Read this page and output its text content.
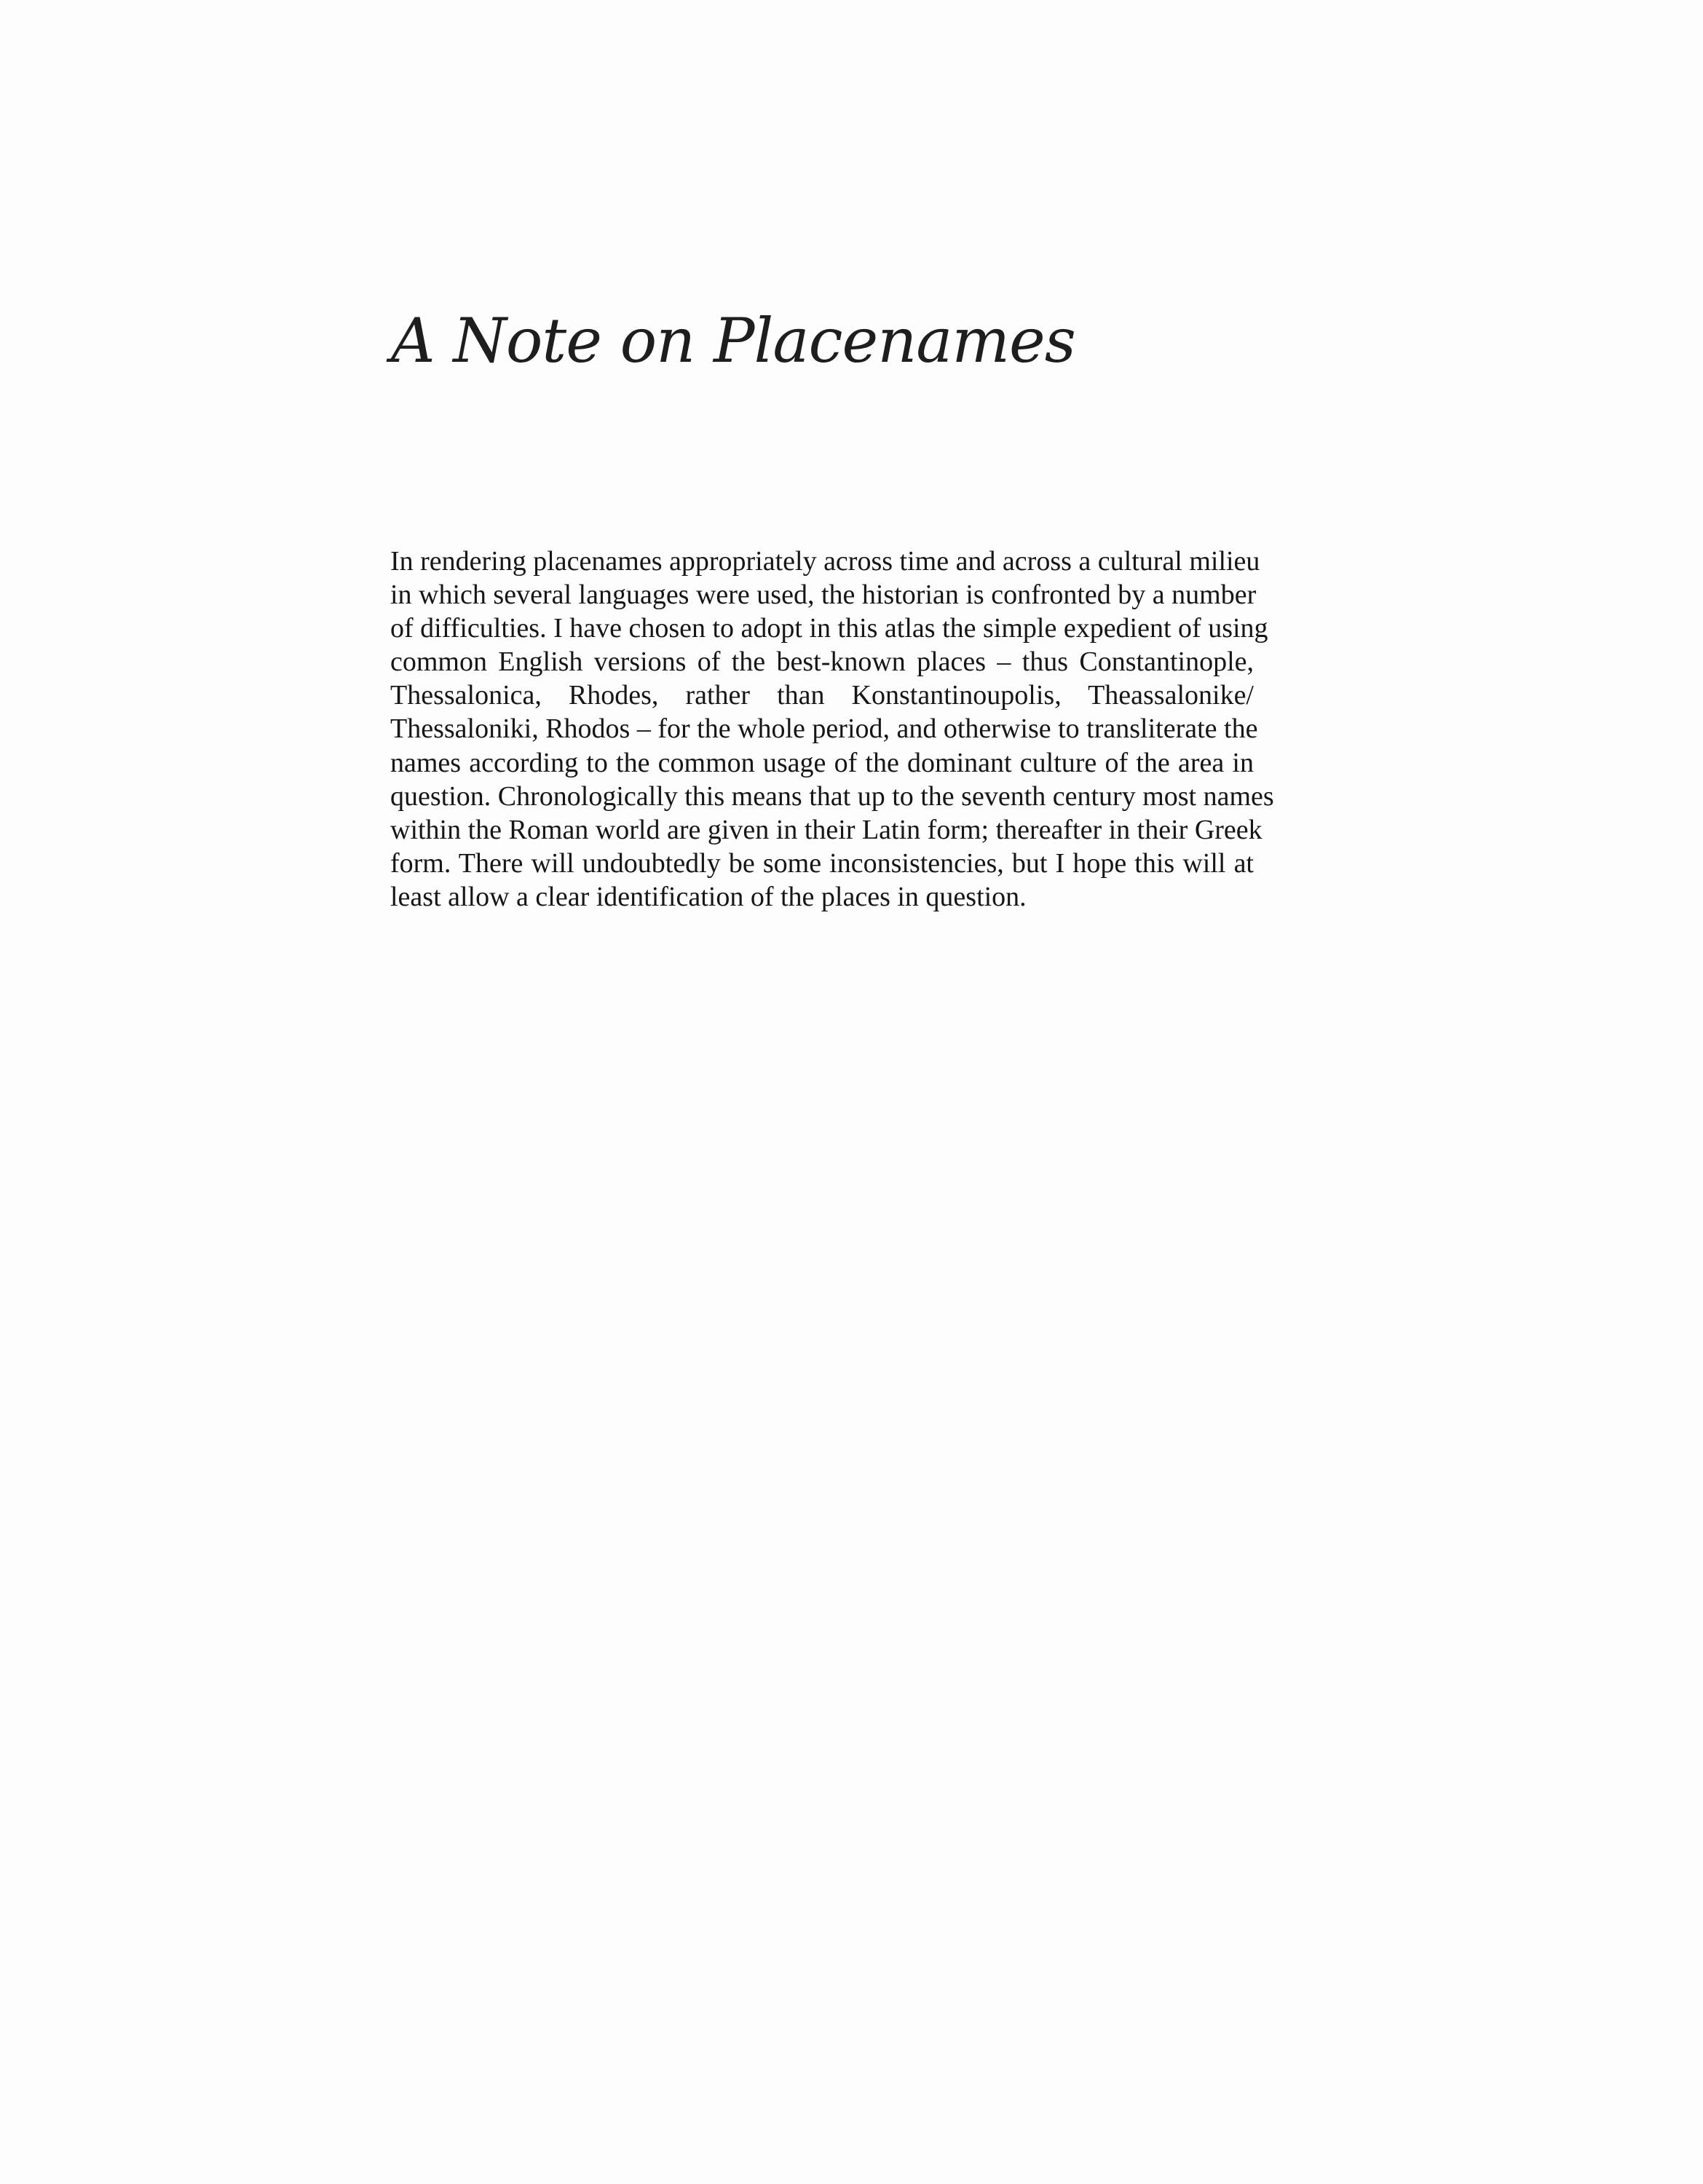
A Note on Placenames
In rendering placenames appropriately across time and across a cultural milieu
in which several languages were used, the historian is confronted by a number
of difficulties. I have chosen to adopt in this atlas the simple expedient of using
common English versions of the best-known places – thus Constantinople,
Thessalonica, Rhodes, rather than Konstantinoupolis, Theassalonike/
Thessaloniki, Rhodos – for the whole period, and otherwise to transliterate the
names according to the common usage of the dominant culture of the area in
question. Chronologically this means that up to the seventh century most names
within the Roman world are given in their Latin form; thereafter in their Greek
form. There will undoubtedly be some inconsistencies, but I hope this will at
least allow a clear identification of the places in question.
